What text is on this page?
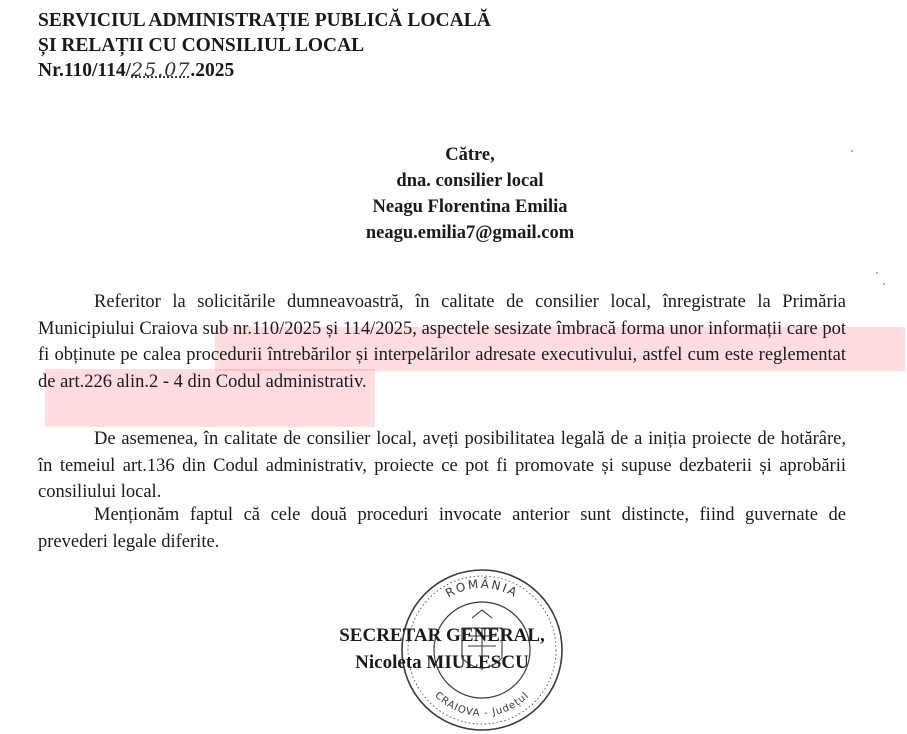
SERVICIUL ADMINISTRAȚIE PUBLICĂ LOCALĂ
ȘI RELAȚII CU CONSILIUL LOCAL
Nr.110/114/25.07.2025
Către,
dna. consilier local
Neagu Florentina Emilia
neagu.emilia7@gmail.com
Referitor la solicitările dumneavoastră, în calitate de consilier local, înregistrate la Primăria Municipiului Craiova sub nr.110/2025 și 114/2025, aspectele sesizate îmbracă forma unor informații care pot fi obținute pe calea procedurii întrebărilor și interpelărilor adresate executivului, astfel cum este reglementat de art.226 alin.2 - 4 din Codul administrativ.
De asemenea, în calitate de consilier local, aveți posibilitatea legală de a iniția proiecte de hotărâre, în temeiul art.136 din Codul administrativ, proiecte ce pot fi promovate și supuse dezbaterii și aprobării consiliului local.
Menționăm faptul că cele două proceduri invocate anterior sunt distincte, fiind guvernate de prevederi legale diferite.
ROMÂNIA
CRAIOVA - Județul
SECRETAR GENERAL,
Nicoleta MIULESCU
